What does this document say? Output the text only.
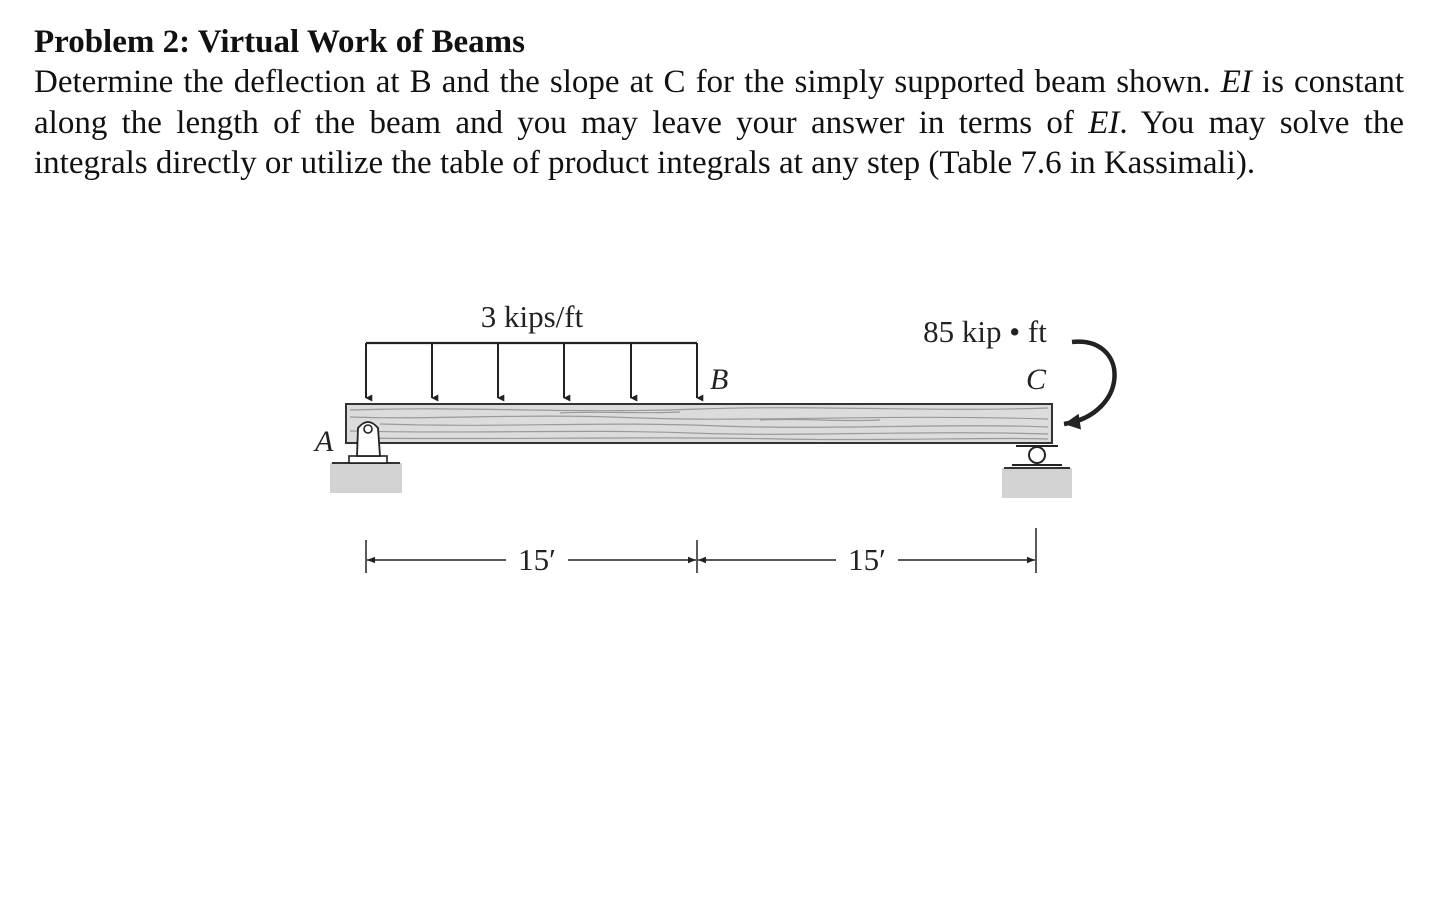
Problem 2: Virtual Work of Beams

Determine the deflection at B and the slope at C for the simply supported beam shown. EI is constant along the length of the beam and you may leave your answer in terms of EI. You may solve the integrals directly or utilize the table of product integrals at any step (Table 7.6 in Kassimali).

3 kips/ft
A
B
85 kip • ft
C
15′	15′
